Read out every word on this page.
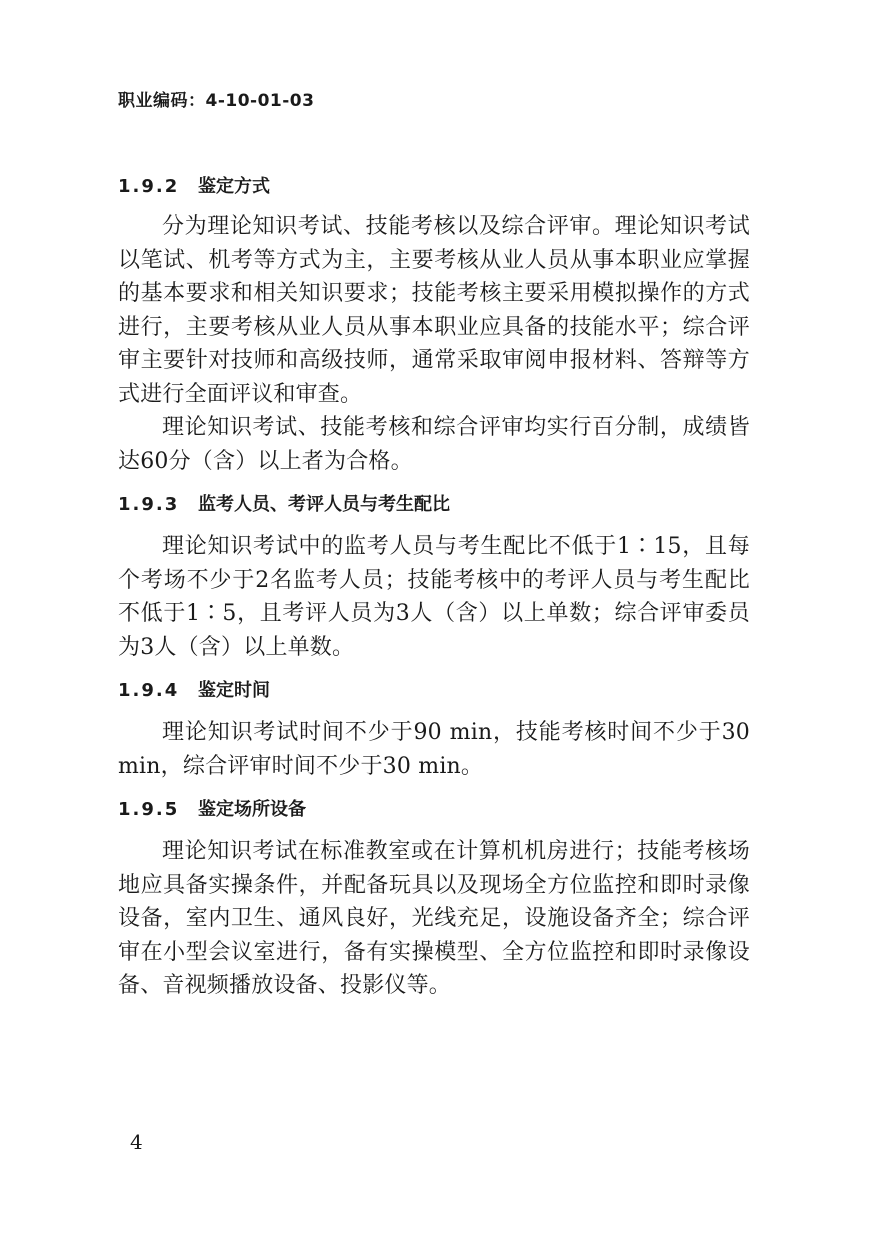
职业编码：4-10-01-03
1.9.2 鉴定方式

分为理论知识考试、技能考核以及综合评审。理论知识考试以笔试、机考等方式为主，主要考核从业人员从事本职业应掌握的基本要求和相关知识要求；技能考核主要采用模拟操作的方式进行，主要考核从业人员从事本职业应具备的技能水平；综合评审主要针对技师和高级技师，通常采取审阅申报材料、答辩等方式进行全面评议和审查。

理论知识考试、技能考核和综合评审均实行百分制，成绩皆达60分（含）以上者为合格。

1.9.3 监考人员、考评人员与考生配比

理论知识考试中的监考人员与考生配比不低于1∶15，且每个考场不少于2名监考人员；技能考核中的考评人员与考生配比不低于1∶5，且考评人员为3人（含）以上单数；综合评审委员为3人（含）以上单数。

1.9.4 鉴定时间

理论知识考试时间不少于90 min，技能考核时间不少于30 min，综合评审时间不少于30 min。

1.9.5 鉴定场所设备

理论知识考试在标准教室或在计算机机房进行；技能考核场地应具备实操条件，并配备玩具以及现场全方位监控和即时录像设备，室内卫生、通风良好，光线充足，设施设备齐全；综合评审在小型会议室进行，备有实操模型、全方位监控和即时录像设备、音视频播放设备、投影仪等。

4
